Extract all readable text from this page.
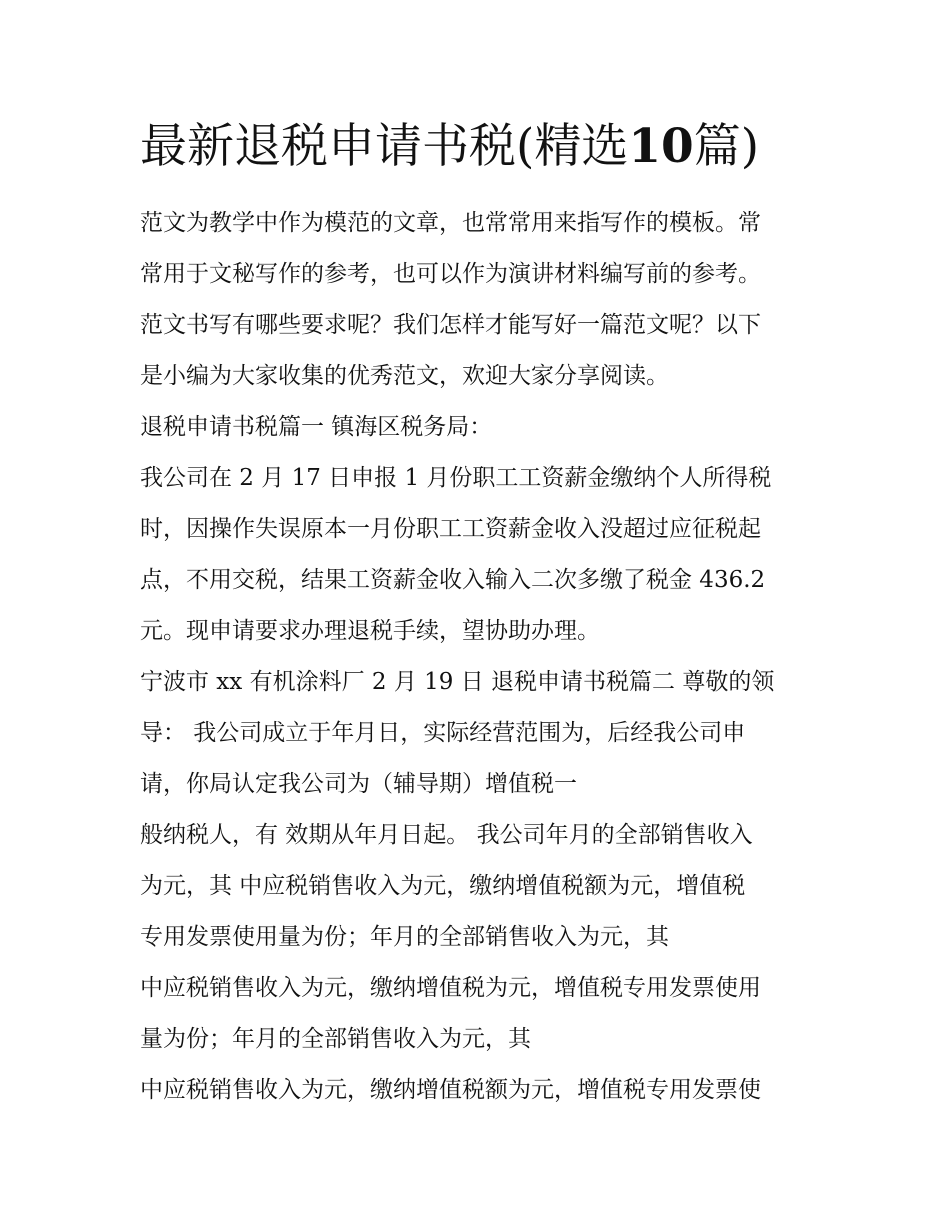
最新退税申请书税(精选10篇)
范文为教学中作为模范的文章，也常常用来指写作的模板。常
常用于文秘写作的参考，也可以作为演讲材料编写前的参考。
范文书写有哪些要求呢？我们怎样才能写好一篇范文呢？以下
是小编为大家收集的优秀范文，欢迎大家分享阅读。
退税申请书税篇一 镇海区税务局：
我公司在 2 月 17 日申报 1 月份职工工资薪金缴纳个人所得税
时，因操作失误原本一月份职工工资薪金收入没超过应征税起
点，不用交税，结果工资薪金收入输入二次多缴了税金 436.2
元。现申请要求办理退税手续，望协助办理。
宁波市 xx 有机涂料厂 2 月 19 日 退税申请书税篇二 尊敬的领
导： 我公司成立于年月日，实际经营范围为，后经我公司申
请，你局认定我公司为（辅导期）增值税一
般纳税人，有 效期从年月日起。 我公司年月的全部销售收入
为元，其 中应税销售收入为元，缴纳增值税额为元，增值税
专用发票使用量为份；年月的全部销售收入为元，其
中应税销售收入为元，缴纳增值税为元，增值税专用发票使用
量为份；年月的全部销售收入为元，其
中应税销售收入为元，缴纳增值税额为元，增值税专用发票使
